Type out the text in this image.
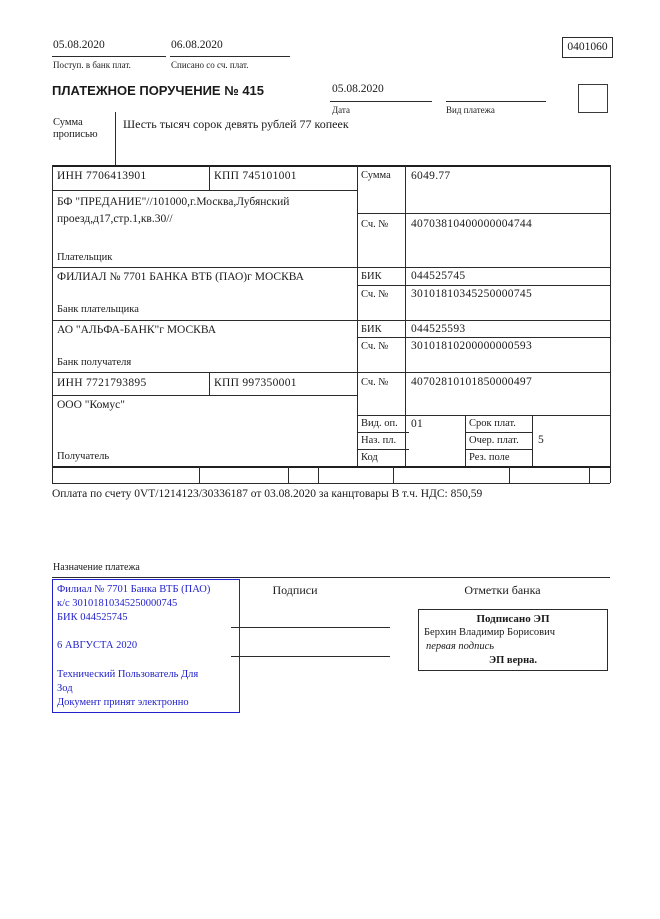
05.08.2020
Поступ. в банк плат.
06.08.2020
Списано со сч. плат.
0401060
ПЛАТЕЖНОЕ ПОРУЧЕНИЕ № 415	05.08.2020
Дата	Вид платежа
Сумма прописью
Шесть тысяч сорок девять рублей 77 копеек
ИНН 7706413901	КПП 745101001	Сумма 6049.77
БФ "ПРЕДАНИЕ"//101000,г.Москва,Лубянский проезд,д17,стр.1,кв.30//	Сч. № 40703810400000004744
Плательщик
ФИЛИАЛ № 7701 БАНКА ВТБ (ПАО)г МОСКВА	БИК	044525745
Сч. № 30101810345250000745
Банк плательщика
АО "АЛЬФА-БАНК"г МОСКВА	БИК	044525593
Сч. № 30101810200000000593
Банк получателя
ИНН 7721793895	КПП 997350001	Сч. № 40702810101850000497
ООО "Комус"
Получатель
Вид. оп. 01	Срок плат.
Наз. пл.	Очер. плат. 5
Код	Рез. поле
Оплата по счету 0VT/1214123/30336187 от 03.08.2020 за канцтовары В т.ч. НДС: 850,59
Назначение платежа
Филиал № 7701 Банка ВТБ (ПАО)
к/с 30101810345250000745
БИК 044525745
6 АВГУСТА 2020
Технический Пользователь Для
Зод
Документ принят электронно
Подписи	Отметки банка
Подписано ЭП
Берхин Владимир Борисович
первая подпись
ЭП верна.
